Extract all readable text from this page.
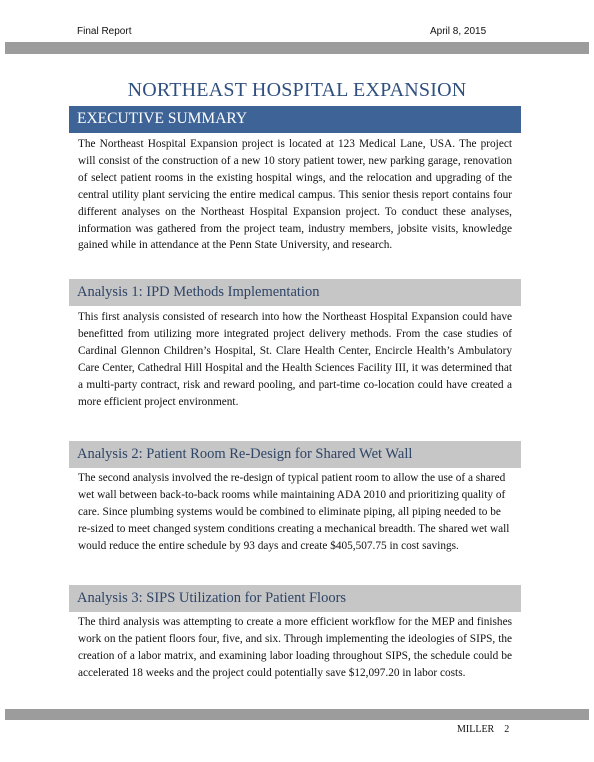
Final Report	April 8, 2015
NORTHEAST HOSPITAL EXPANSION
EXECUTIVE SUMMARY

The Northeast Hospital Expansion project is located at 123 Medical Lane, USA. The project will consist of the construction of a new 10 story patient tower, new parking garage, renovation of select patient rooms in the existing hospital wings, and the relocation and upgrading of the central utility plant servicing the entire medical campus. This senior thesis report contains four different analyses on the Northeast Hospital Expansion project. To conduct these analyses, information was gathered from the project team, industry members, jobsite visits, knowledge gained while in attendance at the Penn State University, and research.

Analysis 1: IPD Methods Implementation

This first analysis consisted of research into how the Northeast Hospital Expansion could have benefitted from utilizing more integrated project delivery methods. From the case studies of Cardinal Glennon Children’s Hospital, St. Clare Health Center, Encircle Health’s Ambulatory Care Center, Cathedral Hill Hospital and the Health Sciences Facility III, it was determined that a multi-party contract, risk and reward pooling, and part-time co-location could have created a more efficient project environment.

Analysis 2: Patient Room Re-Design for Shared Wet Wall

The second analysis involved the re-design of typical patient room to allow the use of a shared wet wall between back-to-back rooms while maintaining ADA 2010 and prioritizing quality of care. Since plumbing systems would be combined to eliminate piping, all piping needed to be re-sized to meet changed system conditions creating a mechanical breadth. The shared wet wall would reduce the entire schedule by 93 days and create $405,507.75 in cost savings.

Analysis 3: SIPS Utilization for Patient Floors

The third analysis was attempting to create a more efficient workflow for the MEP and finishes work on the patient floors four, five, and six. Through implementing the ideologies of SIPS, the creation of a labor matrix, and examining labor loading throughout SIPS, the schedule could be accelerated 18 weeks and the project could potentially save $12,097.20 in labor costs.

MILLER 2
